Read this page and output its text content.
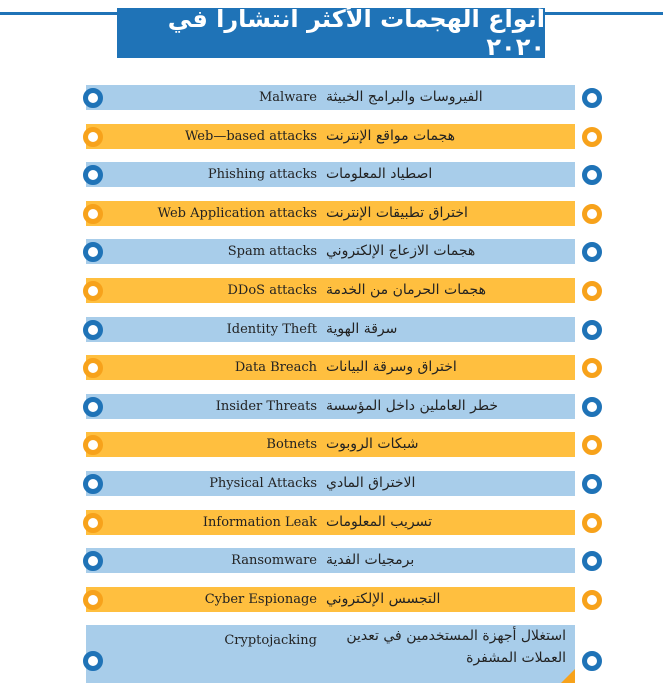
أنواع الهجمات الأكثر انتشارا في ٢٠٢٠
Malware الفيروسات والبرامج الخبيثة
Web—based attacks هجمات مواقع الإنترنت
Phishing attacks اصطياد المعلومات
Web Application attacks اختراق تطبيقات الإنترنت
Spam attacks هجمات الازعاج الإلكتروني
DDoS attacks هجمات الحرمان من الخدمة
Identity Theft سرقة الهوية
Data Breach اختراق وسرقة البيانات
Insider Threats خطر العاملين داخل المؤسسة
Botnets شبكات الروبوت
Physical Attacks الاختراق المادي
Information Leak تسريب المعلومات
Ransomware برمجيات الفدية
Cyber Espionage التجسس الإلكتروني
Cryptojacking	استغلال أجهزة المستخدمين في تعدين العملات المشفرة
